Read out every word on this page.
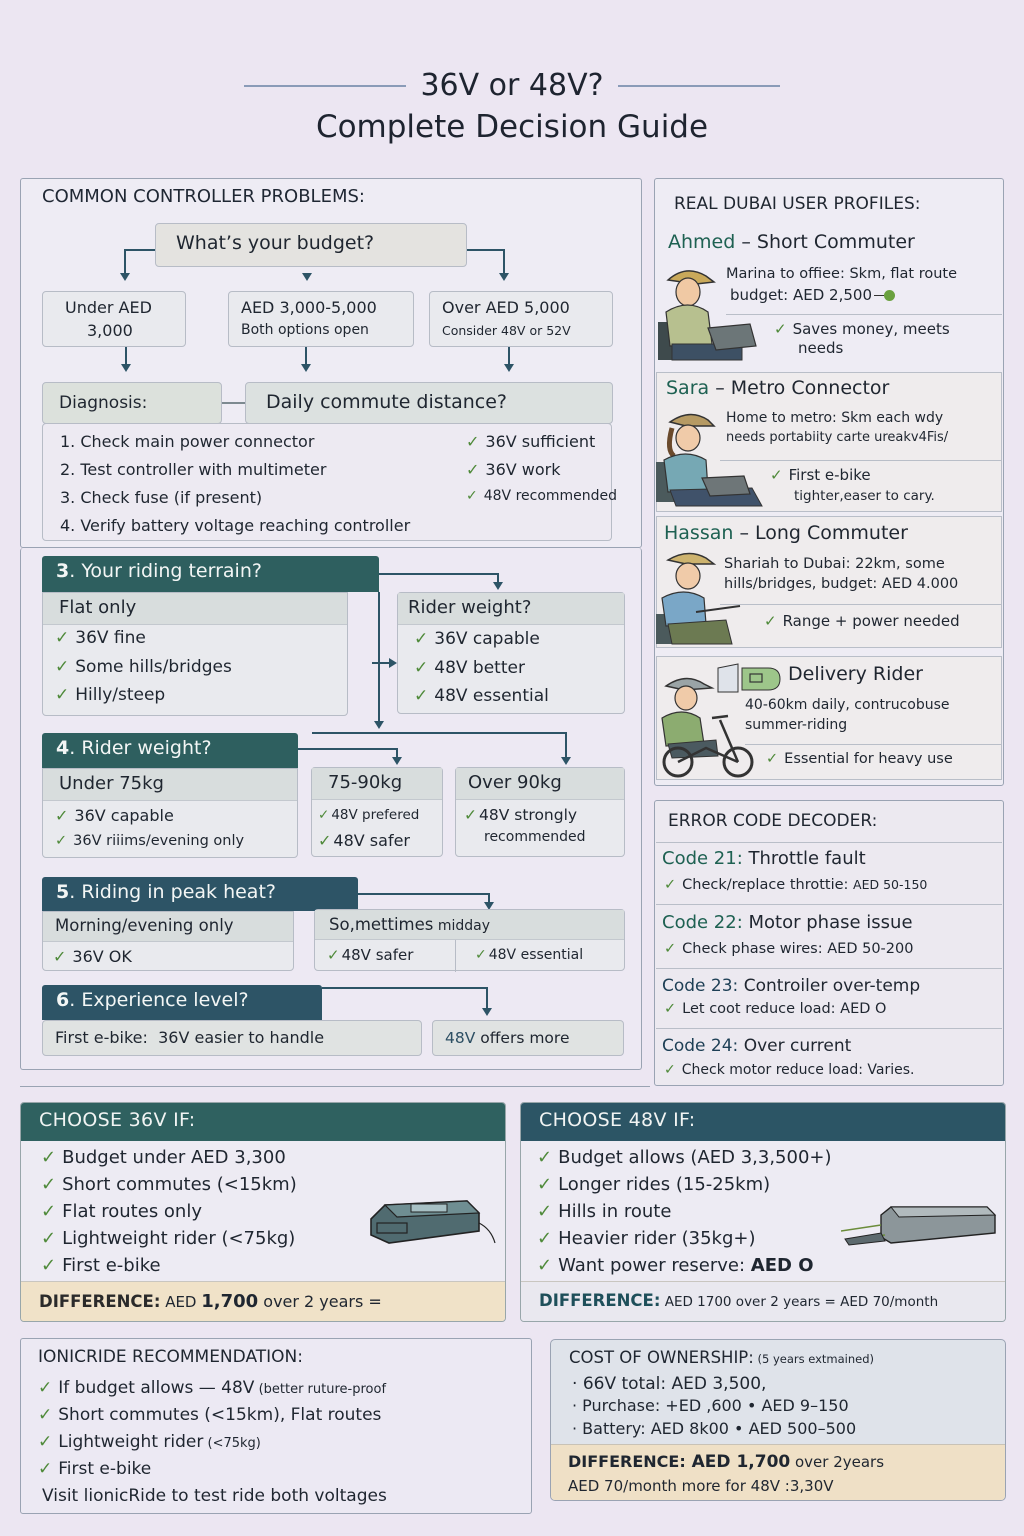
36V or 48V?
Complete Decision Guide
COMMON CONTROLLER PROBLEMS:
What’s your budget?
Under AED
3,000
AED 3,000-5,000
Both options open
Over AED 5,000
Consider 48V or 52V
Diagnosis:	Daily commute distance?
1. Check main power connector
2. Test controller with multimeter
3. Check fuse (if present)
4. Verify battery voltage reaching controller
✓ 36V sufficient
✓ 36V work
✓ 48V recommended
3. Your riding terrain?
Flat only
✓ 36V fine
✓ Some hills/bridges
✓ Hilly/steep
Rider weight?
✓ 36V capable
✓ 48V better
✓ 48V essential
4. Rider weight?
Under 75kg
✓ 36V capable
✓ 36V riiims/evening only
75-90kg
✓ 48V prefered
✓ 48V safer
Over 90kg
✓ 48V strongly
recommended
5. Riding in peak heat?
Morning/evening only
✓ 36V OK
So,mettimes midday
✓ 48V safer	✓ 48V essential
6. Experience level?
First e-bike: 36V easier to handle	48V offers more
REAL DUBAI USER PROFILES:
Ahmed – Short Commuter
Marina to offiee: Skm, flat route
budget: AED 2,500
✓ Saves money, meets
needs
Sara – Metro Connector
Home to metro: Skm each wdy
needs portabiity carte ureakv4Fis/
✓ First e-bike
tighter,easer to cary.
Hassan – Long Commuter
Shariah to Dubai: 22km, some
hills/bridges, budget: AED 4.000
✓ Range + power needed
Delivery Rider
40-60km daily, contrucobuse
summer-riding
✓ Essential for heavy use
ERROR CODE DECODER:
Code 21: Throttle fault
✓ Check/replace throttie: AED 50-150
Code 22: Motor phase issue
✓ Check phase wires: AED 50-200
Code 23: Controiler over-temp
✓ Let coot reduce load: AED O
Code 24: Over current
✓ Check motor reduce load: Varies.
CHOOSE 36V IF:
✓ Budget under AED 3,300
✓ Short commutes (<15km)
✓ Flat routes only
✓ Lightweight rider (<75kg)
✓ First e-bike
DIFFERENCE: AED 1,700 over 2 years =
CHOOSE 48V IF:
✓ Budget allows (AED 3,3,500+)
✓ Longer rides (15-25km)
✓ Hills in route
✓ Heavier rider (35kg+)
✓ Want power reserve: AED O
DIFFERENCE: AED 1700 over 2 years = AED 70/month
IONICRIDE RECOMMENDATION:
✓ If budget allows — 48V (better ruture-proof
✓ Short commutes (<15km), Flat routes
✓ Lightweight rider (<75kg)
✓ First e-bike
Visit lionicRide to test ride both voltages
COST OF OWNERSHIP: (5 years extmained)
· 66V total: AED 3,500,
· Purchase: +ED ,600 • AED 9–150
· Battery: AED 8k00 • AED 500–500
DIFFERENCE: AED 1,700 over 2years
AED 70/month more for 48V :3,30V
